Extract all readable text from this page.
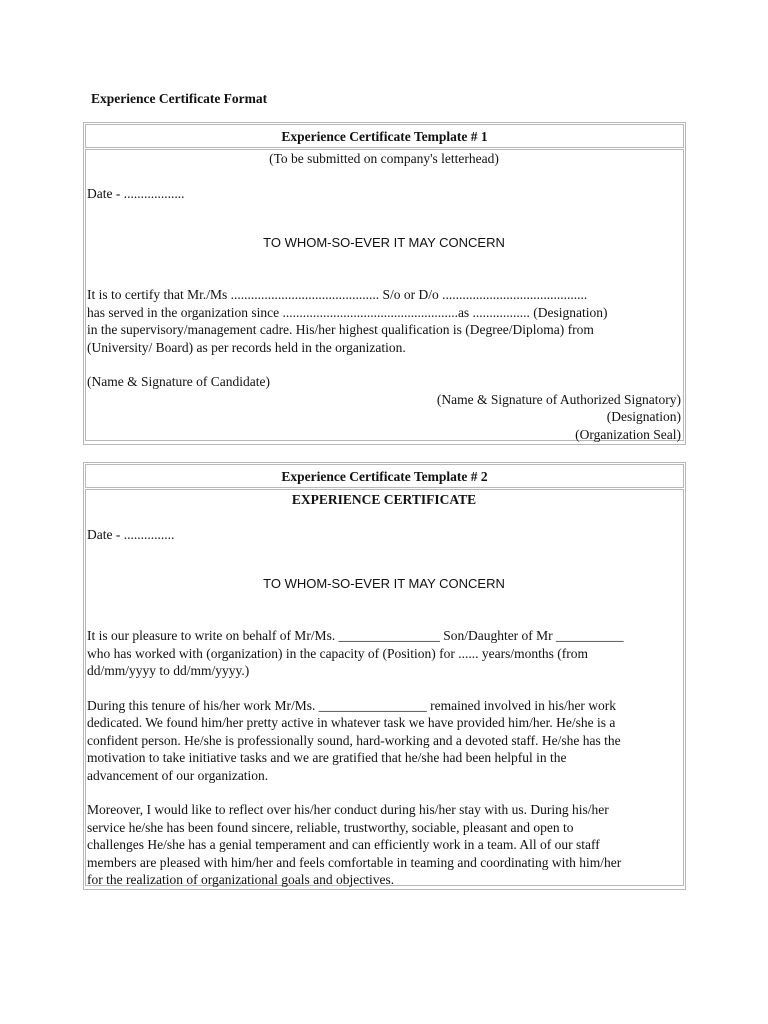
Experience Certificate Format
Experience Certificate Template # 1

(To be submitted on company's letterhead)

Date - ..................

TO WHOM-SO-EVER IT MAY CONCERN

It is to certify that Mr./Ms ............................................ S/o or D/o ...........................................

has served in the organization since ....................................................as ................. (Designation)

in the supervisory/management cadre. His/her highest qualification is (Degree/Diploma) from

(University/ Board) as per records held in the organization.

(Name & Signature of Candidate)

(Name & Signature of Authorized Signatory)

(Designation)

(Organization Seal)

Experience Certificate Template # 2

EXPERIENCE CERTIFICATE

Date - ...............

TO WHOM-SO-EVER IT MAY CONCERN

It is our pleasure to write on behalf of Mr/Ms. _______________ Son/Daughter of Mr __________

who has worked with (organization) in the capacity of (Position) for ...... years/months (from

dd/mm/yyyy to dd/mm/yyyy.)

During this tenure of his/her work Mr/Ms. ________________ remained involved in his/her work

dedicated. We found him/her pretty active in whatever task we have provided him/her. He/she is a

confident person. He/she is professionally sound, hard-working and a devoted staff. He/she has the

motivation to take initiative tasks and we are gratified that he/she had been helpful in the

advancement of our organization.

Moreover, I would like to reflect over his/her conduct during his/her stay with us. During his/her

service he/she has been found sincere, reliable, trustworthy, sociable, pleasant and open to

challenges He/she has a genial temperament and can efficiently work in a team. All of our staff

members are pleased with him/her and feels comfortable in teaming and coordinating with him/her

for the realization of organizational goals and objectives.
